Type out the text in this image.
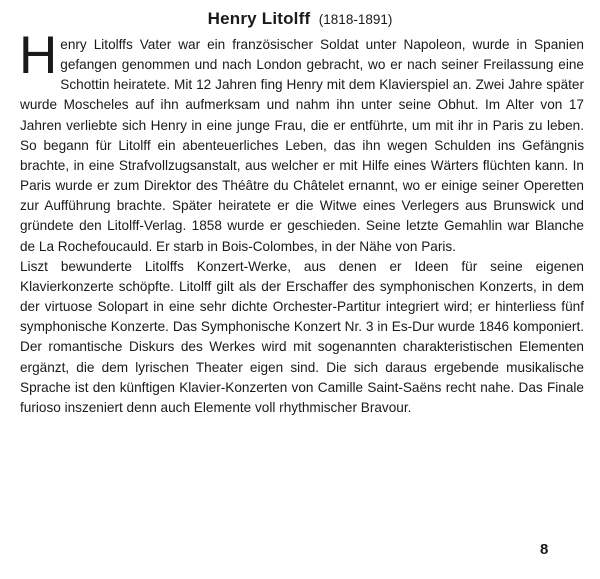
Henry Litolff (1818-1891)

Henry Litolffs Vater war ein französischer Soldat unter Napoleon, wurde in Spanien gefangen genommen und nach London gebracht, wo er nach seiner Freilassung eine Schottin heiratete. Mit 12 Jahren fing Henry mit dem Klavierspiel an. Zwei Jahre später wurde Moscheles auf ihn aufmerksam und nahm ihn unter seine Obhut. Im Alter von 17 Jahren verliebte sich Henry in eine junge Frau, die er entführte, um mit ihr in Paris zu leben. So begann für Litolff ein abenteuerliches Leben, das ihn wegen Schulden ins Gefängnis brachte, in eine Strafvollzugsanstalt, aus welcher er mit Hilfe eines Wärters flüchten kann. In Paris wurde er zum Direktor des Théâtre du Châtelet ernannt, wo er einige seiner Operetten zur Aufführung brachte. Später heiratete er die Witwe eines Verlegers aus Brunswick und gründete den Litolff-Verlag. 1858 wurde er geschieden. Seine letzte Gemahlin war Blanche de La Rochefoucauld. Er starb in Bois-Colombes, in der Nähe von Paris.

Liszt bewunderte Litolffs Konzert-Werke, aus denen er Ideen für seine eigenen Klavierkonzerte schöpfte. Litolff gilt als der Erschaffer des symphonischen Konzerts, in dem der virtuose Solopart in eine sehr dichte Orchester-Partitur integriert wird; er hinterliess fünf symphonische Konzerte. Das Symphonische Konzert Nr. 3 in Es-Dur wurde 1846 komponiert. Der romantische Diskurs des Werkes wird mit sogenannten charakteristischen Elementen ergänzt, die dem lyrischen Theater eigen sind. Die sich daraus ergebende musikalische Sprache ist den künftigen Klavier-Konzerten von Camille Saint-Saëns recht nahe. Das Finale furioso inszeniert denn auch Elemente voll rhythmischer Bravour.

8
